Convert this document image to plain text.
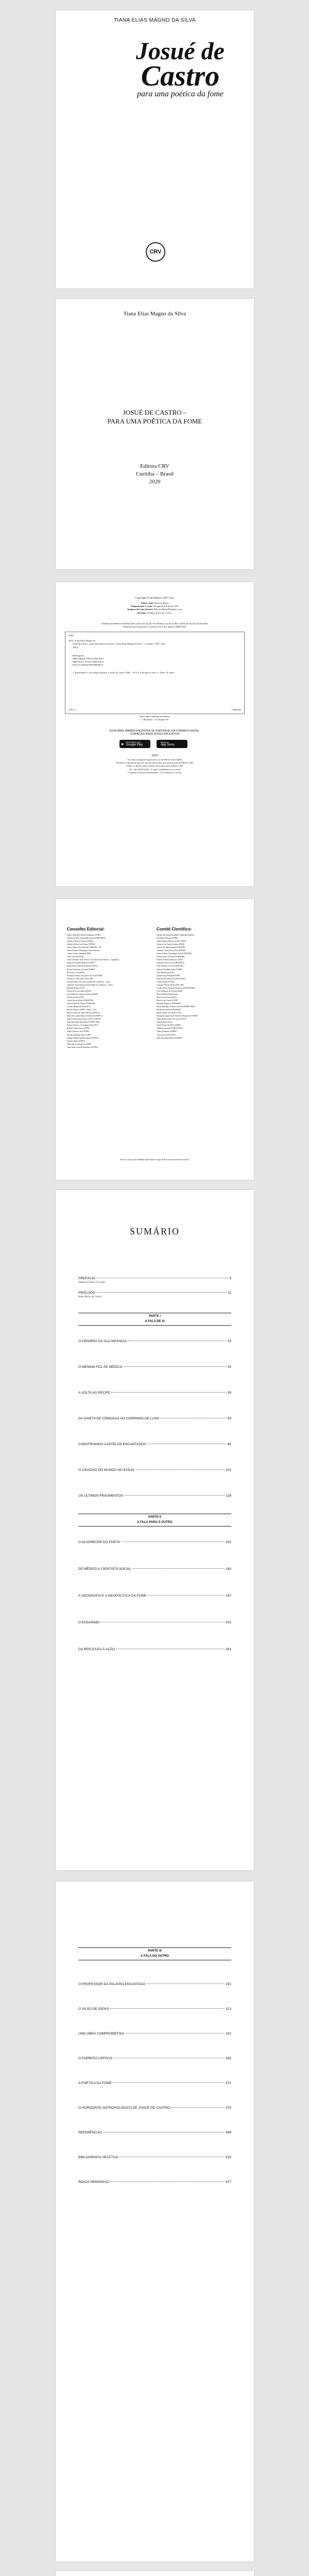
TIANA ELIAS MAGNO DA SILVA
Josué de
Castro
para uma poética da fome
CRV
Tiana Elias Magno da Silva
JOSUÉ DE CASTRO –
PARA UMA POÉTICA DA FOME
Editora CRV
Curitiba – Brasil
2020
Copyright © da Editora CRV Ltda.
Editor-chefe: Railson Moura
Diagramação e Capa: Designers da Editora CRV
Imagem de Capa (frente): Marcos Mello/Designers.com
Revisão: Analista de Escrita e Artes
DADOS INTERNACIONAIS DE CATALOGAÇÃO NA PUBLICAÇÃO (CIP) CATALOGAÇÃO NA FONTE
Bibliotecária responsável: Luzenira Alves dos Santos CRB9/1506
S586
Silva, Tiana Elias Magno da.
Josué de Castro – para uma poética da fome / Tiana Elias Magno da Silva. – Curitiba : CRV, 2020.
260 p.
Bibliografia
ISBN Digital 978-65-5868-000-1
ISBN Físico 978-65-5868-002-8
DOI 10.24824/978655868002.8
1. Brasilidade 2. Sociologia literária 3. Josué de Castro 1908 – 1973 4. Literatura e fome. I. Título. II. Série.
CDU 8	CDD 869
Índice para catálogo sistemático
1. Biografia – sociologia 923
ESTA OBRA TAMBÉM ENCONTRA-SE DISPONÍVEL EM FORMATO DIGITAL.
CONHEÇA E BAIXE NOSSO APLICATIVO!
▶
DISPONÍVEL NO
Google Play
Baixar na
App Store
2020
Foi feito o depósito legal conf. Lei 10.994 de 14/12/2004
Proibida a reprodução parcial ou total desta obra sem autorização da Editora CRV
Todos os direitos desta edição reservados pela: Editora CRV
Tel.: (41) 3039-6418 – E-mail: sac@editoracrv.com.br
Conheça os nossos lançamentos: www.editoracrv.com.br
Conselho Editorial:
Aldira Guimarães Duarte Domínguez (UNB)
Andréia da Silva Quintanilha Sousa (UNIR/UFRN)
Anselmo Alencar Colares (UFOPA)
Antônio Pereira Gaio Júnior (UFRRJ)
Carlos Alberto Vilar Estêvão (UMINHO – PT)
Carlos Federico Dominguez Avila (Unieuro)
Carmen Tereza Velanga (UNIR)
Celso Conti (UFSCar)
Cesar Gerónimo Tello (Univer .Nacional Três de Febrero – Argentina)
Eduardo Fernandes Barbosa (UFMG)
Elione Maria Nogueira Diogenes (UFAL)
Elizeu Clementino de Souza (UNEB)
Élsio José Corá (UFFS)
Fernando Antônio Gonçalves Alcoforado (IPB)
Francisco Carlos Duarte (PUC-PR)
Gloria Fariñas León (Universidade de La Havana – Cuba)
Guillermo Arias Beatón (Universidade de La Havana – Cuba)
Helmuth Krüger (UCP)
Jailson Alves dos Santos (UFRJ)
João Adalberto Campato Junior (UNESP)
Josania Portela (UFPI)
Leonel Severo Rocha (UNISINOS)
Lídia de Oliveira Xavier (UNIEURO)
Lourdes Helena da Silva (UFV)
Marcelo Paixão (UFRJ e UTexas – US)
Maria Cristina dos Santos Bezerra (UFSCar)
Maria de Lourdes Pinto de Almeida (UNOESC)
Maria Lília Imbiriba Sousa Colares (UFOPA)
Paulo Romualdo Hernandes (UNIFAL-MG)
Renato Francisco dos Santos Paula (UFG)
Rodrigo Pratte-Santos (UFES)
Sérgio Nunes de Jesus (IFRO)
Simone Rodrigues Pinto (UNB)
Solange Helena Ximenes-Rocha (UFOPA)
Sydione Santos (UEPG)
Tadeu Oliver Gonçalves (UFPA)
Tania Suely Azevedo Brasileiro (UFOPA)
Comitê Científico:
Adriane Piovezan (Faculdades Integradas Espírita)
Alexandre Pierezan (UFMS)
Andre Eduardo Ribeiro da Silva (IFSP)
Antonio Jose Teixeira Guerra (UFRJ)
Antonio Nivaldo Hespanhol (UNESP)
Carlos de Castro Neves Neto (UNESP)
Carlos Federico Dominguez Avila (UNIEURO)
Edilson Soares de Souza (FABAPAR)
Eduardo Pimentel Menezes (UERJ)
Euripedes Falcao Vieira (IHGRRGS)
Fabio Eduardo Cressoni (UNILAB)
Gilmara Yoshihara Franco (UNIR)
Jairo Marchesan (UNC)
Jussara Fraga Portugal (UNEB)
Karla Rosário Brumes (UNICENTRO)
Leandro Baller (UFGD)
Lindomar Wessler Boneti (PUC-PR)
Luciana Rosar Fornazari Klanovicz (UNICENTRO)
Luiz Guilherme de Oliveira (UnB)
Marcel Mendes (Mackenzie)
Marcio Jose Ornat (UEPG)
Marcio Luiz Carreri (UENP)
Maurilio Rompatto (UNESPAR)
Mauro Henrique de Barros Amoroso (FEBF/UERJ)
Michel Kobelinski (UNESPAR)
Rafael Guarato dos Santos (UFG)
Rosangela Aparecida de Medeiros Hespanhol (UNESP)
Sergio Murilo Santos de Araujo (UFCG)
Simone Rocha (UnC)
Sylvio Fausto Gil Filho (UFPR)
Valdemir Antoneli (UNICENTRO)
Valter Guimaraes (UFRRJ)
Vera Lucia Caixeta (UFT)
Zilda Fernandes Ribeiro (UNESP)
Este livro passou por avaliação e aprovação às cegas de dois ou mais pareceristas ad hoc.
SUMÁRIO
PREFÁCIO	9
Edgard de Assis Carvalho
PRÓLOGO	11
Anna Maria de Castro
PARTE I
A FALA DE SI
O CENÁRIO DA SUA INFÂNCIA	23
O MENINO FEZ-SE MÉDICO	35
A VOLTA AO RECIFE	39
DA GAIETA DE CÔMODAS AO CARRINHO DE LUXO	59
CONSTRUINDO CASTELOS ENCANTADOS	85
O CIDADÃO DO MUNDO NO EXÍLIO	101
OS ÚLTIMOS FRAGMENTOS	128
PARTE II
A FALA PARA O OUTRO
O ALVORECER DO POETA	152
DE MÉDICO A CIENTISTA SOCIAL	160
A GEOGRAFIA E A GEOPOLÍTICA DA FOME	197
O ENSAÍSMO	203
DA REFLEXÃO À AÇÃO	261
PARTE III
A FALA DO OUTRO
O PROFESSOR DA PALAVRA ENCANTADA	291
O VILÃO DE IDEIAS	313
UMA OBRA COMPROMETIDA	322
O ESPÍRITO CRÍTICO	335
A POÉTICA DA FOME	371
O HORIZONTE ANTROPOLÓGICO DE JOSUÉ DE CASTRO	375
REFERÊNCIAS	399
BIBLIOGRAFIA SELETIVA	425
ÍNDICE REMISSIVO	477
